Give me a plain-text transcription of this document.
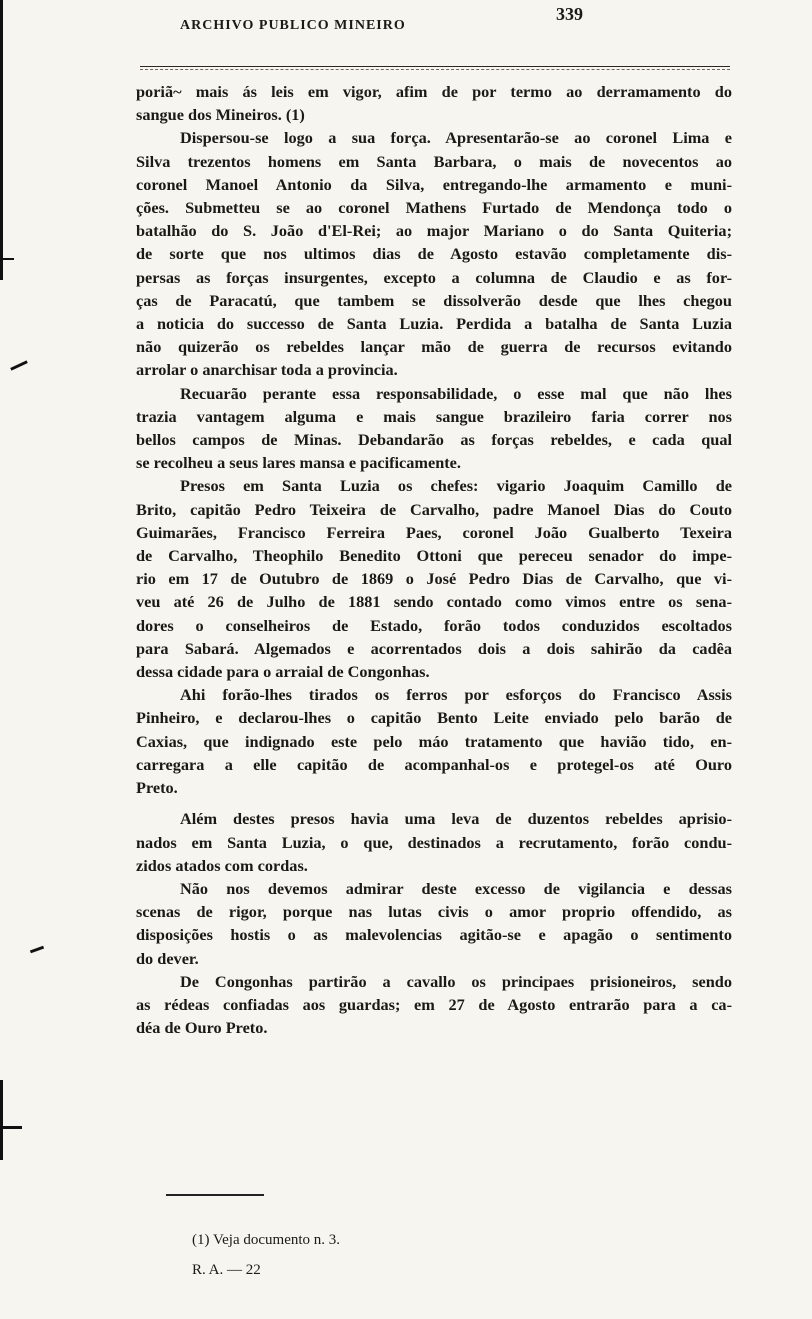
ARCHIVO PUBLICO MINEIRO
339

poriã~ mais ás leis em vigor, afim de por termo ao derramamento do
sangue dos Mineiros. (1)

Dispersou-se logo a sua força. Apresentarão-se ao coronel Lima e
Silva trezentos homens em Santa Barbara, o mais de novecentos ao
coronel Manoel Antonio da Silva, entregando-lhe armamento e muni-
ções. Submetteu se ao coronel Mathens Furtado de Mendonça todo o
batalhão do S. João d'El-Rei; ao major Mariano o do Santa Quiteria;
de sorte que nos ultimos dias de Agosto estavão completamente dis-
persas as forças insurgentes, excepto a columna de Claudio e as for-
ças de Paracatú, que tambem se dissolverão desde que lhes chegou
a noticia do successo de Santa Luzia. Perdida a batalha de Santa Luzia
não quizerão os rebeldes lançar mão de guerra de recursos evitando
arrolar o anarchisar toda a provincia.

Recuarão perante essa responsabilidade, o esse mal que não lhes
trazia vantagem alguma e mais sangue brazileiro faria correr nos
bellos campos de Minas. Debandarão as forças rebeldes, e cada qual
se recolheu a seus lares mansa e pacificamente.

Presos em Santa Luzia os chefes: vigario Joaquim Camillo de
Brito, capitão Pedro Teixeira de Carvalho, padre Manoel Dias do Couto
Guimarães, Francisco Ferreira Paes, coronel João Gualberto Texeira
de Carvalho, Theophilo Benedito Ottoni que pereceu senador do impe-
rio em 17 de Outubro de 1869 o José Pedro Dias de Carvalho, que vi-
veu até 26 de Julho de 1881 sendo contado como vimos entre os sena-
dores o conselheiros de Estado, forão todos conduzidos escoltados
para Sabará. Algemados e acorrentados dois a dois sahirão da cadêa
dessa cidade para o arraial de Congonhas.

Ahi forão-lhes tirados os ferros por esforços do Francisco Assis
Pinheiro, e declarou-lhes o capitão Bento Leite enviado pelo barão de
Caxias, que indignado este pelo máo tratamento que havião tido, en-
carregara a elle capitão de acompanhal-os e protegel-os até Ouro
Preto.

Além destes presos havia uma leva de duzentos rebeldes aprisio-
nados em Santa Luzia, o que, destinados a recrutamento, forão condu-
zidos atados com cordas.

Não nos devemos admirar deste excesso de vigilancia e dessas
scenas de rigor, porque nas lutas civis o amor proprio offendido, as
disposições hostis o as malevolencias agitão-se e apagão o sentimento
do dever.

De Congonhas partirão a cavallo os principaes prisioneiros, sendo
as rédeas confiadas aos guardas; em 27 de Agosto entrarão para a ca-
déa de Ouro Preto.

(1) Veja documento n. 3.
R. A. — 22
